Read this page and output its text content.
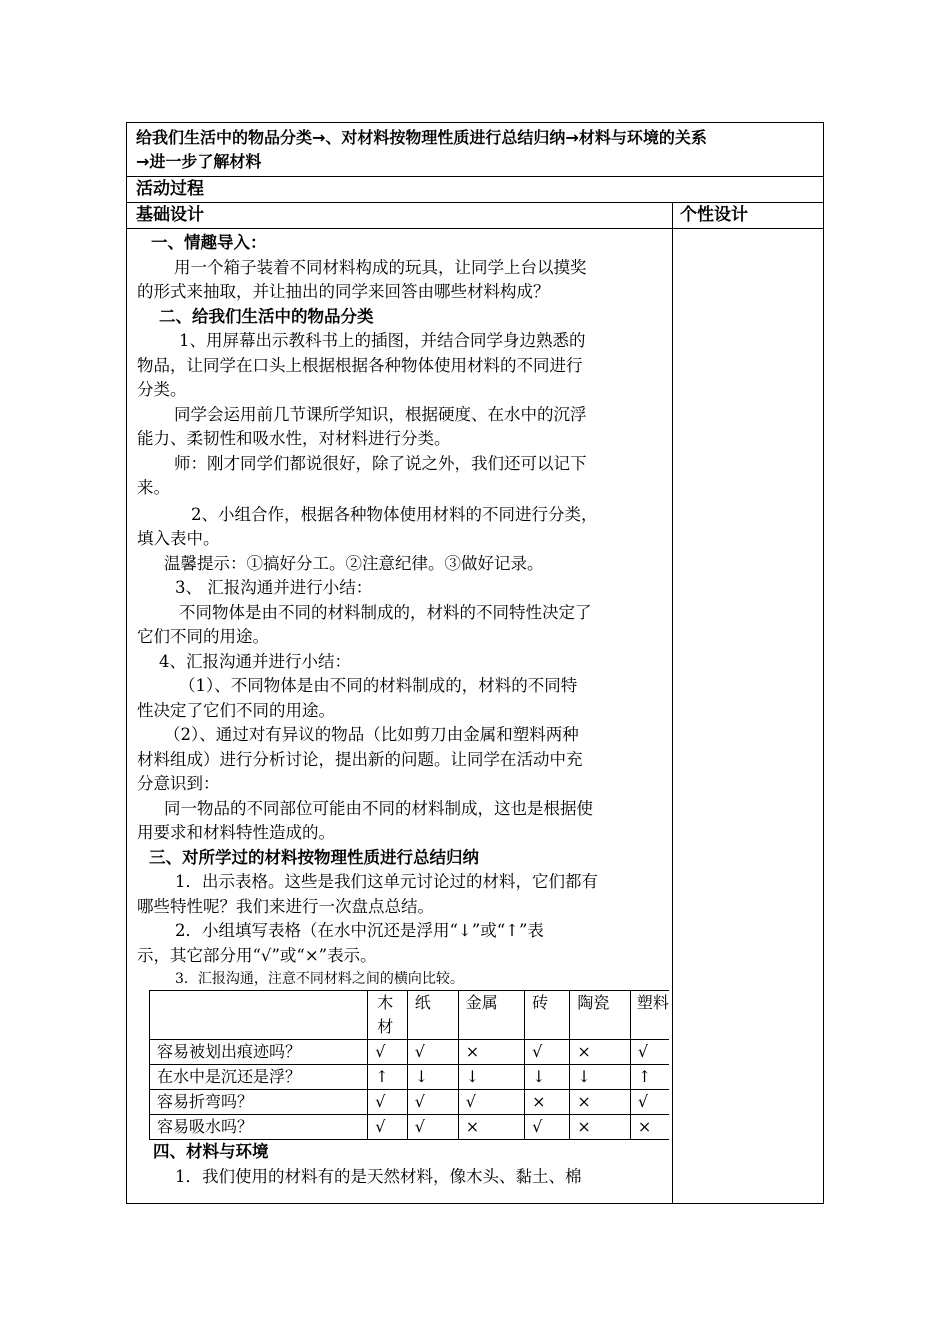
给我们生活中的物品分类→、对材料按物理性质进行总结归纳→材料与环境的关系
→进一步了解材料
活动过程
基础设计	个性设计

一、情趣导入：

用一个箱子装着不同材料构成的玩具，让同学上台以摸奖

的形式来抽取，并让抽出的同学来回答由哪些材料构成？

二、给我们生活中的物品分类

1、用屏幕出示教科书上的插图，并结合同学身边熟悉的

物品，让同学在口头上根据根据各种物体使用材料的不同进行

分类。

同学会运用前几节课所学知识，根据硬度、在水中的沉浮

能力、柔韧性和吸水性，对材料进行分类。

师：刚才同学们都说很好，除了说之外，我们还可以记下

来。

2、小组合作，根据各种物体使用材料的不同进行分类，

填入表中。

温馨提示：①搞好分工。②注意纪律。③做好记录。

3、 汇报沟通并进行小结：

不同物体是由不同的材料制成的，材料的不同特性决定了

它们不同的用途。

4、汇报沟通并进行小结：

（1）、不同物体是由不同的材料制成的，材料的不同特

性决定了它们不同的用途。

（2）、通过对有异议的物品（比如剪刀由金属和塑料两种

材料组成）进行分析讨论，提出新的问题。让同学在活动中充

分意识到：

同一物品的不同部位可能由不同的材料制成，这也是根据使

用要求和材料特性造成的。

三、对所学过的材料按物理性质进行总结归纳

1．出示表格。这些是我们这单元讨论过的材料，它们都有

哪些特性呢？我们来进行一次盘点总结。

2．小组填写表格（在水中沉还是浮用“↓”或“↑”表

示，其它部分用“√”或“×”表示。

3．汇报沟通，注意不同材料之间的横向比较。

	木材	纸	金属	砖	陶瓷	塑料
容易被划出痕迹吗？	√	√	×	√	×	√
在水中是沉还是浮？	↑	↓	↓	↓	↓	↑
容易折弯吗？	√	√	√	×	×	√
容易吸水吗？	√	√	×	√	×	×

四、材料与环境

1．我们使用的材料有的是天然材料，像木头、黏土、棉
